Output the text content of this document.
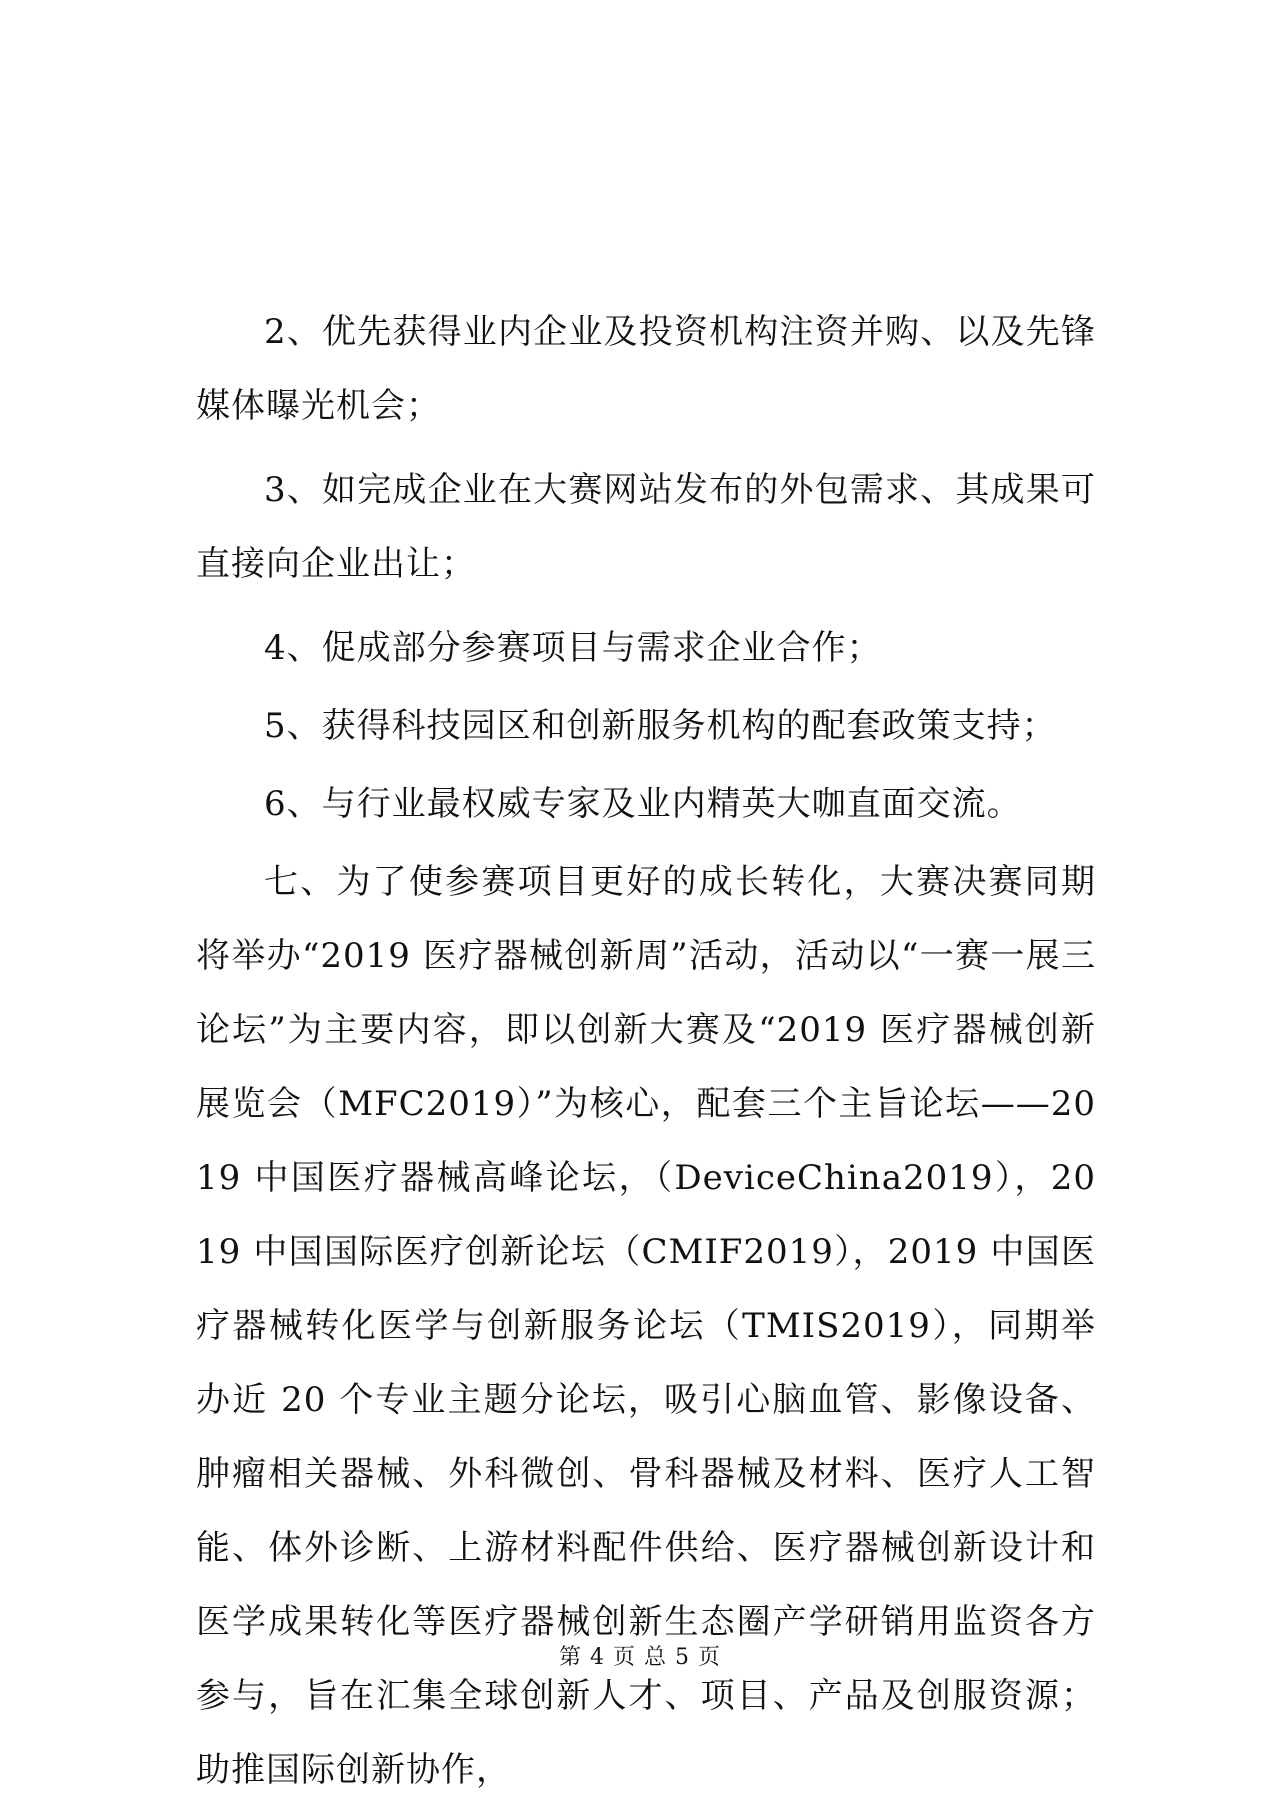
2、优先获得业内企业及投资机构注资并购、以及先锋媒体曝光机会；

3、如完成企业在大赛网站发布的外包需求、其成果可直接向企业出让；

4、促成部分参赛项目与需求企业合作；

5、获得科技园区和创新服务机构的配套政策支持；

6、与行业最权威专家及业内精英大咖直面交流。

七、为了使参赛项目更好的成长转化，大赛决赛同期将举办“2019 医疗器械创新周”活动，活动以“一赛一展三论坛”为主要内容，即以创新大赛及“2019 医疗器械创新展览会（MFC2019）”为核心，配套三个主旨论坛——2019 中国医疗器械高峰论坛，（DeviceChina2019），2019 中国国际医疗创新论坛（CMIF2019），2019 中国医疗器械转化医学与创新服务论坛（TMIS2019），同期举办近 20 个专业主题分论坛，吸引心脑血管、影像设备、肿瘤相关器械、外科微创、骨科器械及材料、医疗人工智能、体外诊断、上游材料配件供给、医疗器械创新设计和医学成果转化等医疗器械创新生态圈产学研销用监资各方参与，旨在汇集全球创新人才、项目、产品及创服资源；助推国际创新协作，

第 4 页 总 5 页
